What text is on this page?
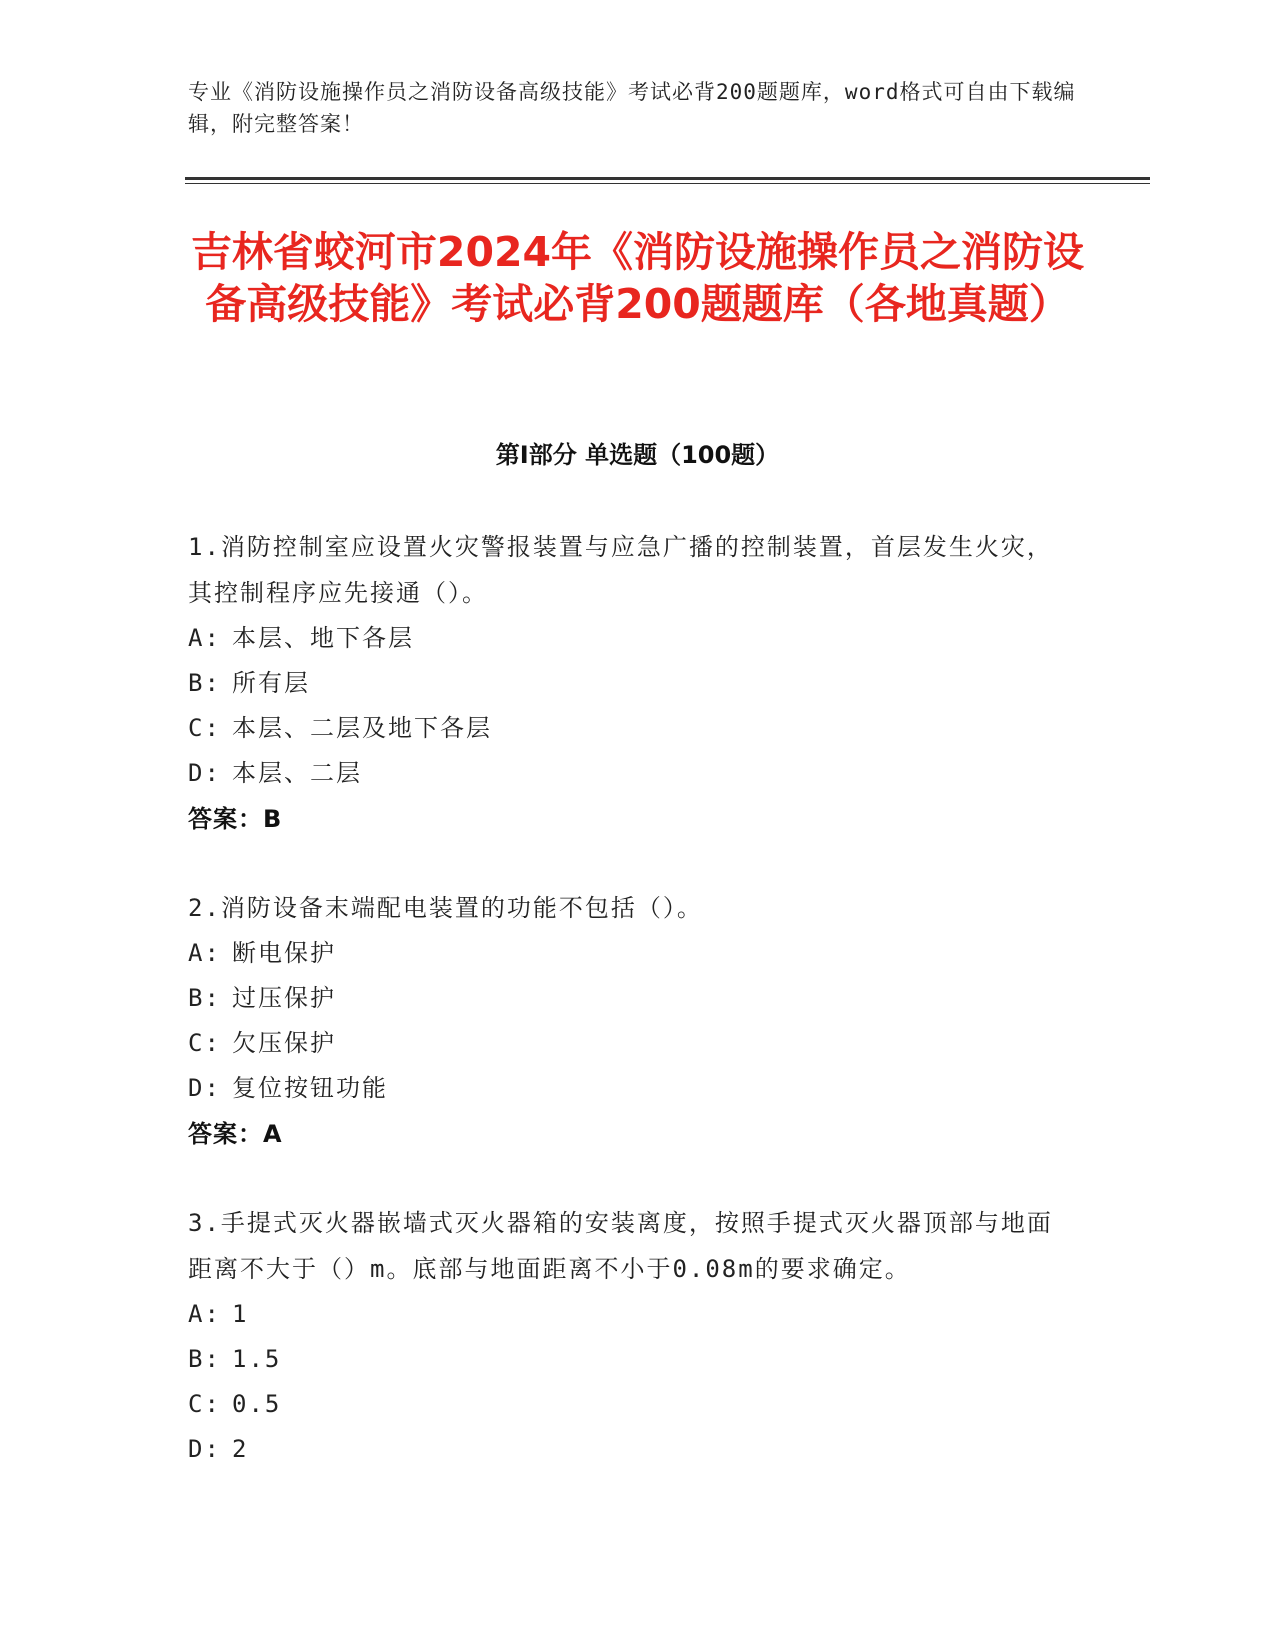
专业《消防设施操作员之消防设备高级技能》考试必背200题题库，word格式可自由下载编辑，附完整答案！
吉林省蛟河市2024年《消防设施操作员之消防设备高级技能》考试必背200题题库（各地真题）
第Ⅰ部分 单选题（100题）
1.消防控制室应设置火灾警报装置与应急广播的控制装置，首层发生火灾，其控制程序应先接通（）。
A: 本层、地下各层
B: 所有层
C: 本层、二层及地下各层
D: 本层、二层
答案：B
2.消防设备末端配电装置的功能不包括（）。
A: 断电保护
B: 过压保护
C: 欠压保护
D: 复位按钮功能
答案：A
3.手提式灭火器嵌墙式灭火器箱的安装离度，按照手提式灭火器顶部与地面距离不大于（）m。底部与地面距离不小于0.08m的要求确定。
A: 1
B: 1.5
C: 0.5
D: 2
